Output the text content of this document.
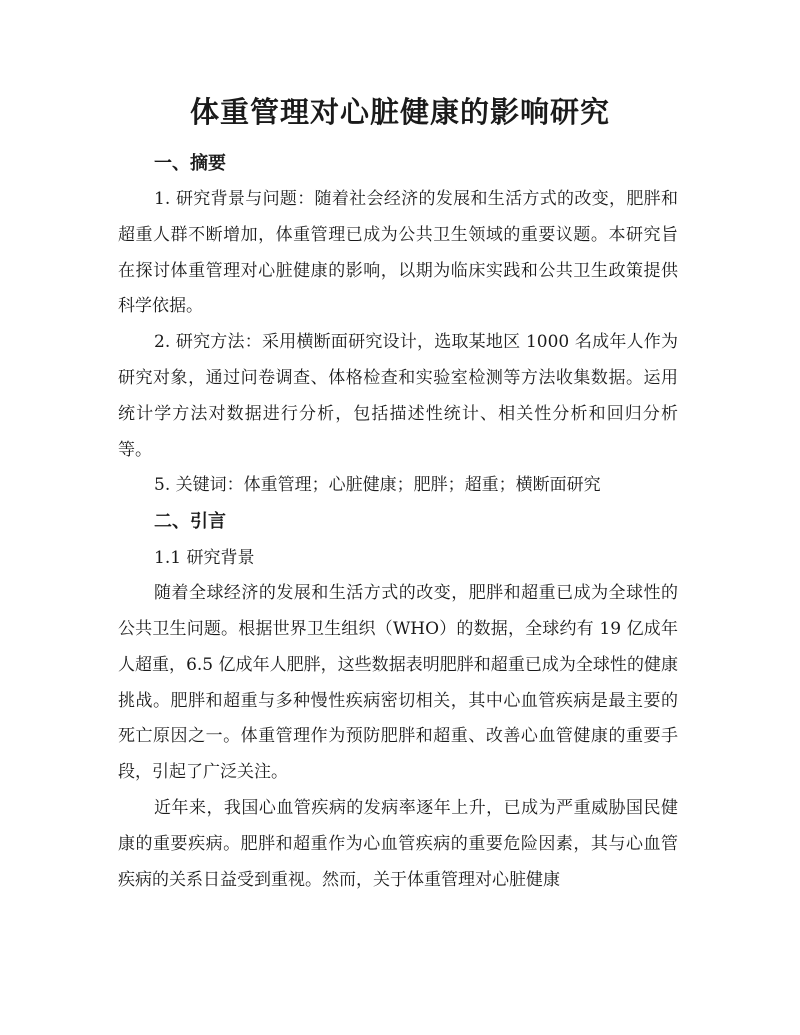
体重管理对心脏健康的影响研究

一、摘要

1. 研究背景与问题：随着社会经济的发展和生活方式的改变，肥胖和超重人群不断增加，体重管理已成为公共卫生领域的重要议题。本研究旨在探讨体重管理对心脏健康的影响，以期为临床实践和公共卫生政策提供科学依据。

2. 研究方法：采用横断面研究设计，选取某地区 1000 名成年人作为研究对象，通过问卷调查、体格检查和实验室检测等方法收集数据。运用统计学方法对数据进行分析，包括描述性统计、相关性分析和回归分析等。

5. 关键词：体重管理；心脏健康；肥胖；超重；横断面研究

二、引言

1.1 研究背景

随着全球经济的发展和生活方式的改变，肥胖和超重已成为全球性的公共卫生问题。根据世界卫生组织（WHO）的数据，全球约有 19 亿成年人超重，6.5 亿成年人肥胖，这些数据表明肥胖和超重已成为全球性的健康挑战。肥胖和超重与多种慢性疾病密切相关，其中心血管疾病是最主要的死亡原因之一。体重管理作为预防肥胖和超重、改善心血管健康的重要手段，引起了广泛关注。

近年来，我国心血管疾病的发病率逐年上升，已成为严重威胁国民健康的重要疾病。肥胖和超重作为心血管疾病的重要危险因素，其与心血管疾病的关系日益受到重视。然而，关于体重管理对心脏健康
